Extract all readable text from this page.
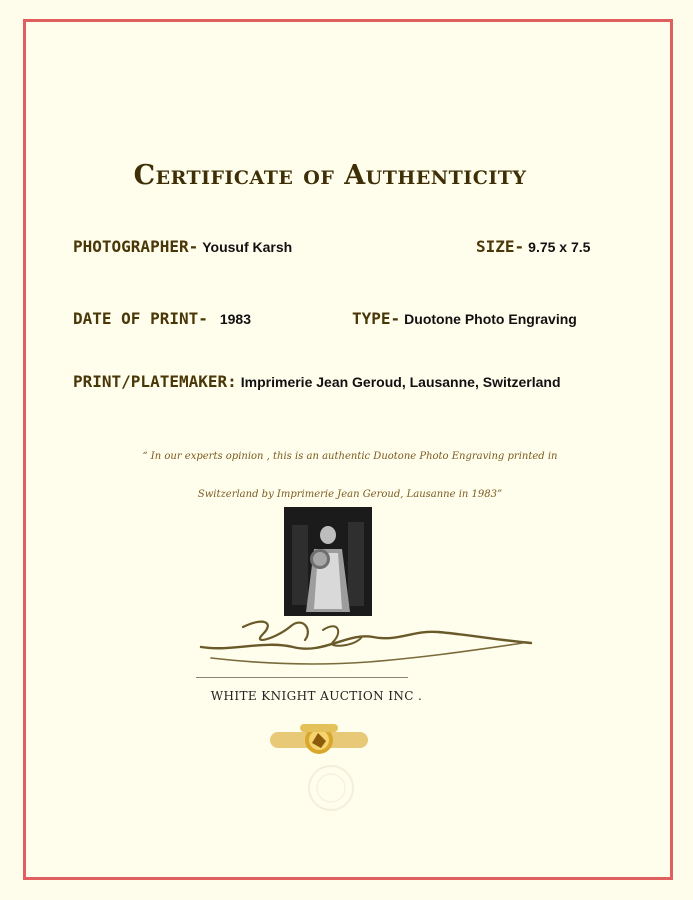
Certificate of Authenticity
PHOTOGRAPHER- Yousuf Karsh	SIZE- 9.75 x 7.5
DATE OF PRINT- 1983	TYPE- Duotone Photo Engraving
PRINT/PLATEMAKER: Imprimerie Jean Geroud, Lausanne, Switzerland
“ In our experts opinion , this is an authentic Duotone Photo Engraving printed in
Switzerland by Imprimerie Jean Geroud, Lausanne in 1983”
WHITE KNIGHT AUCTION INC .
